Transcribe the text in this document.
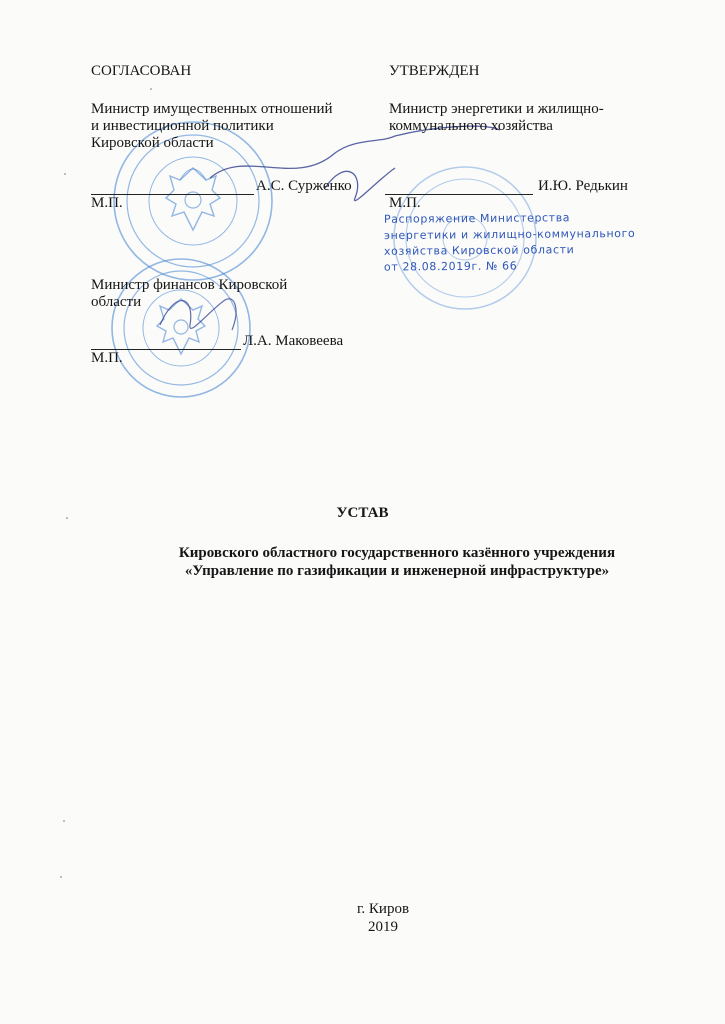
СОГЛАСОВАН
Министр имущественных отношений
и инвестиционной политики
Кировской области
А.С. Сурженко
М.П.
Министр финансов Кировской
области
Л.А. Маковеева
М.П.
УТВЕРЖДЕН
Министр энергетики и жилищно-
коммунального хозяйства
И.Ю. Редькин
М.П.
Распоряжение Министерства
энергетики и жилищно-коммунального
хозяйства Кировской области
от 28.08.2019г. № 66
УСТАВ
Кировского областного государственного казённого учреждения
«Управление по газификации и инженерной инфраструктуре»
г. Киров
2019
